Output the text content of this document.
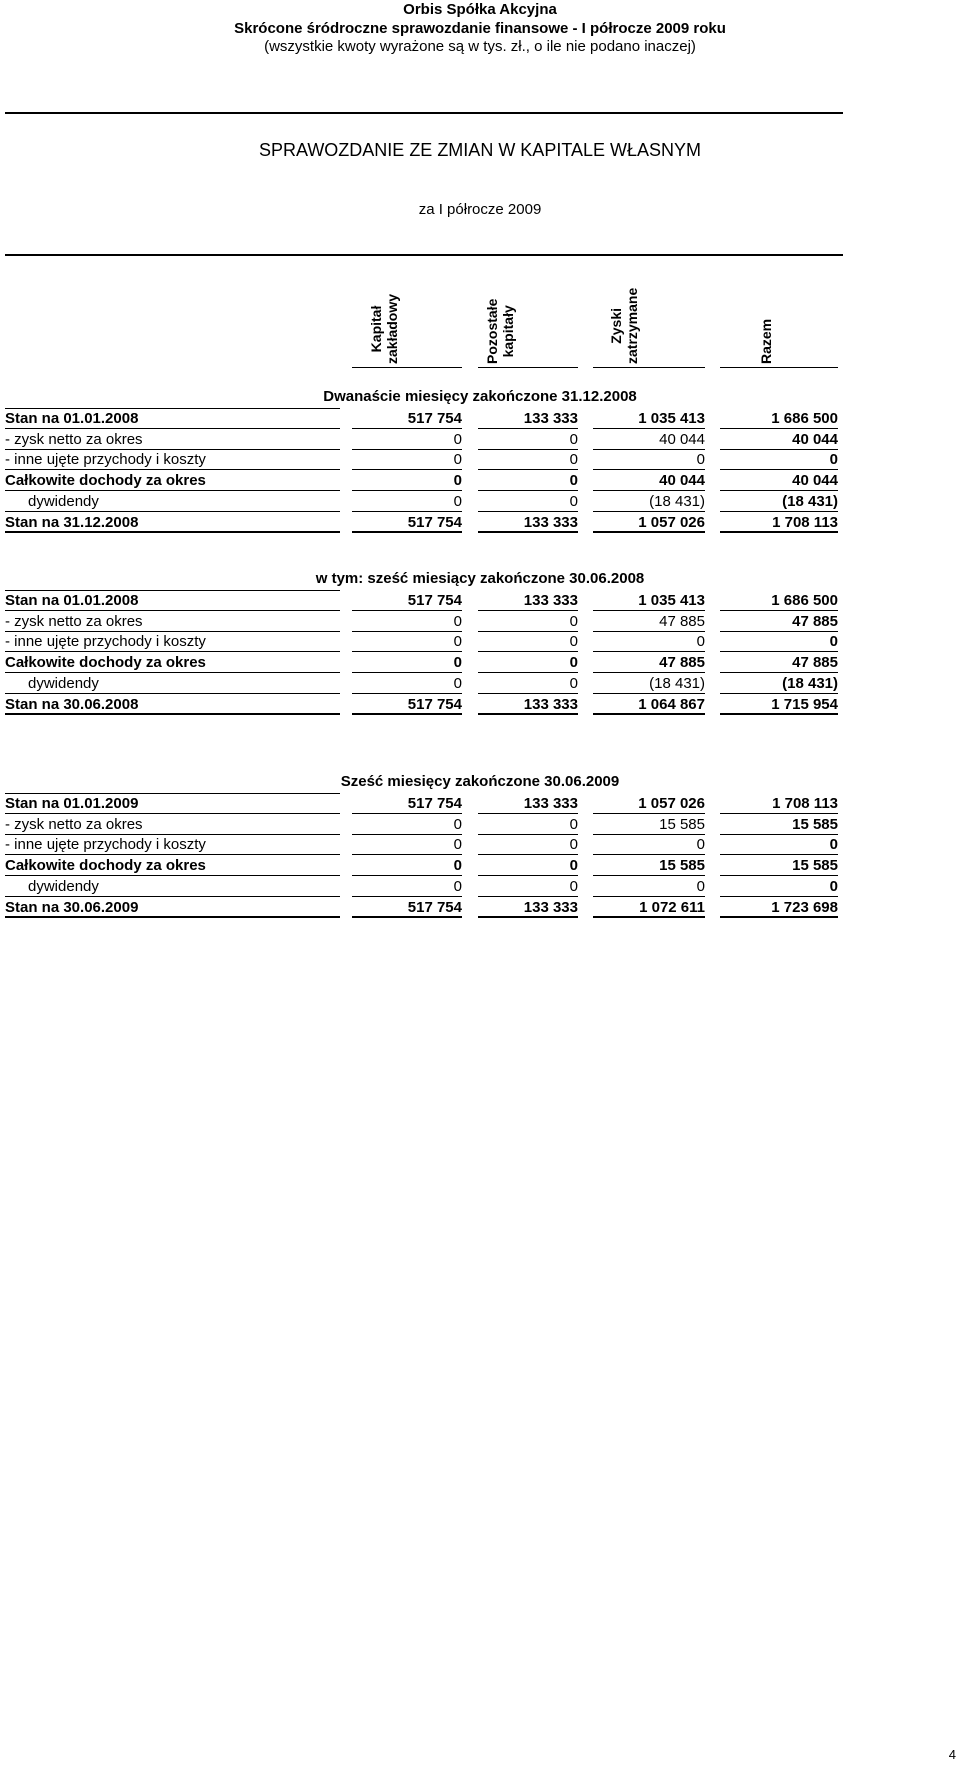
Orbis Spółka Akcyjna
Skrócone śródroczne sprawozdanie finansowe - I półrocze 2009 roku
(wszystkie kwoty wyrażone są w tys. zł., o ile nie podano inaczej)
SPRAWOZDANIE ZE ZMIAN W KAPITALE WŁASNYM
za I półrocze 2009
Kapitał zakładowy	Pozostałe kapitały	Zyski zatrzymane	Razem
Dwanaście miesięcy zakończone 31.12.2008
Stan na 01.01.2008	517 754	133 333	1 035 413	1 686 500
- zysk netto za okres	0	0	40 044	40 044
- inne ujęte przychody i koszty	0	0	0	0
Całkowite dochody za okres	0	0	40 044	40 044
dywidendy	0	0	(18 431)	(18 431)
Stan na 31.12.2008	517 754	133 333	1 057 026	1 708 113
w tym: sześć miesiący zakończone 30.06.2008
Stan na 01.01.2008	517 754	133 333	1 035 413	1 686 500
- zysk netto za okres	0	0	47 885	47 885
- inne ujęte przychody i koszty	0	0	0	0
Całkowite dochody za okres	0	0	47 885	47 885
dywidendy	0	0	(18 431)	(18 431)
Stan na 30.06.2008	517 754	133 333	1 064 867	1 715 954
Sześć miesięcy zakończone 30.06.2009
Stan na 01.01.2009	517 754	133 333	1 057 026	1 708 113
- zysk netto za okres	0	0	15 585	15 585
- inne ujęte przychody i koszty	0	0	0	0
Całkowite dochody za okres	0	0	15 585	15 585
dywidendy	0	0	0	0
Stan na 30.06.2009	517 754	133 333	1 072 611	1 723 698
4
